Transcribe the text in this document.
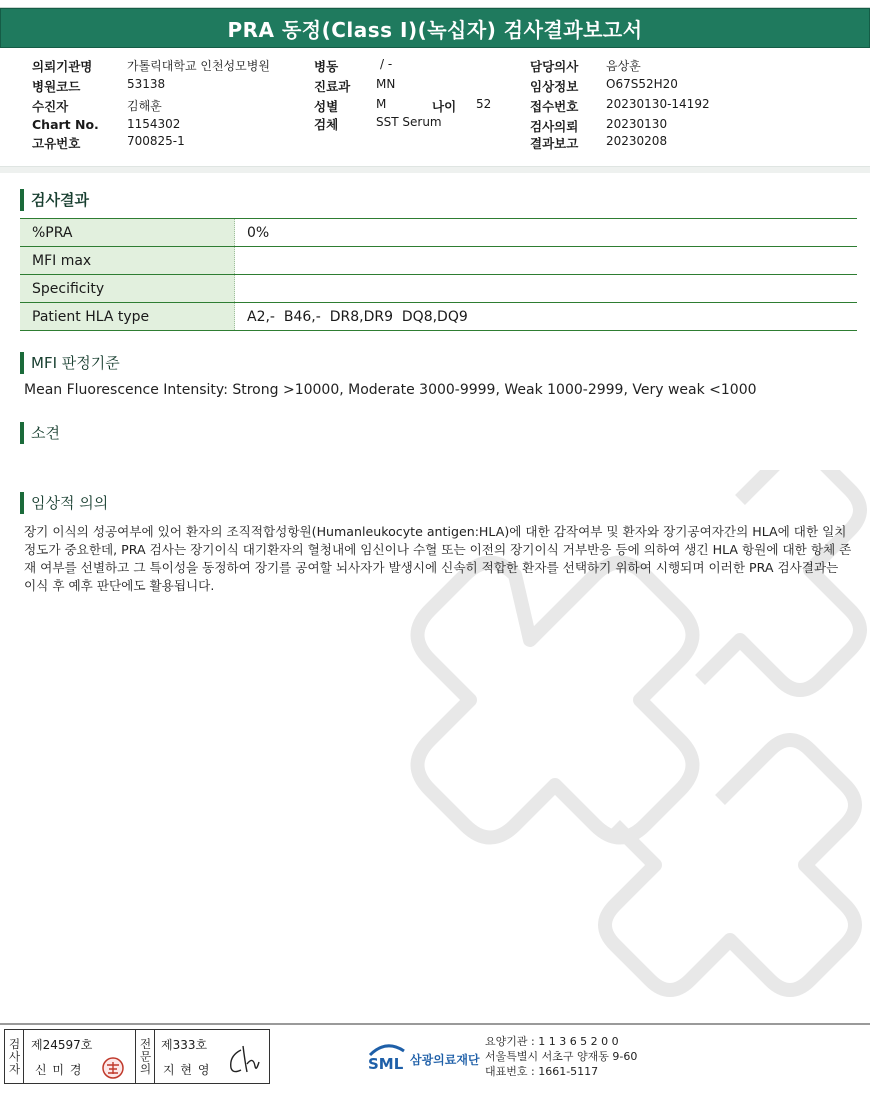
PRA 동정(Class I)(녹십자) 검사결과보고서
의뢰기관명	가톨릭대학교 인천성모병원
병원코드	53138
수진자	김해훈
Chart No. 1154302
고유번호	700825-1
병동	/ -
진료과 MN
성별	M	나이 52
검체	SST Serum
담당의사 음상훈
임상정보 O67S52H20
접수번호 20230130-14192
검사의뢰 20230130
결과보고 20230208
검사결과
%PRA	0%
MFI max	
Specificity	
Patient HLA type	A2,-  B46,-  DR8,DR9  DQ8,DQ9
MFI 판정기준
Mean Fluorescence Intensity: Strong >10000, Moderate 3000-9999, Weak 1000-2999, Very weak <1000
소견
임상적 의의
장기 이식의 성공여부에 있어 환자의 조직적합성항원(Humanleukocyte antigen:HLA)에 대한 감작여부 및 환자와 장기공여자간의 HLA에 대한 일치정도가 중요한데, PRA 검사는 장기이식 대기환자의 혈청내에 임신이나 수혈 또는 이전의 장기이식 거부반응 등에 의하여 생긴 HLA 항원에 대한 항체 존재 여부를 선별하고 그 특이성을 동정하여 장기를 공여할 뇌사자가 발생시에 신속히 적합한 환자를 선택하기 위하여 시행되며 이러한 PRA 검사결과는 이식 후 예후 판단에도 활용됩니다.
검사자 제24597호
신 미 경	전문의 제333호
지 현 영	SML 삼광의료재단
요양기관 : 1 1 3 6 5 2 0 0
서울특별시 서초구 양재동 9-60
대표번호 : 1661-5117
